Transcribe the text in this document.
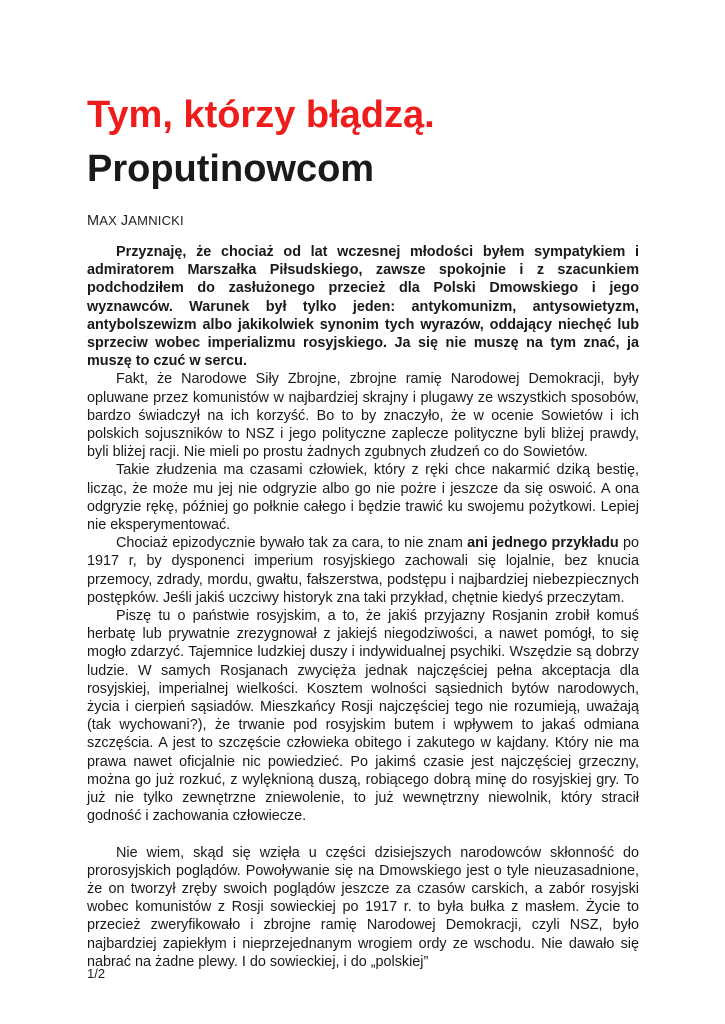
Tym, którzy błądzą.
Proputinowcom
MAX JAMNICKI

Przyznaję, że chociaż od lat wczesnej młodości byłem sympatykiem i admiratorem Marszałka Piłsudskiego, zawsze spokojnie i z szacunkiem podchodziłem do zasłużonego przecież dla Polski Dmowskiego i jego wyznawców. Warunek był tylko jeden: antykomunizm, antysowietyzm, antybolszewizm albo jakikolwiek synonim tych wyrazów, oddający niechęć lub sprzeciw wobec imperializmu rosyjskiego. Ja się nie muszę na tym znać, ja muszę to czuć w sercu.

Fakt, że Narodowe Siły Zbrojne, zbrojne ramię Narodowej Demokracji, były opluwane przez komunistów w najbardziej skrajny i plugawy ze wszystkich sposobów, bardzo świadczył na ich korzyść. Bo to by znaczyło, że w ocenie Sowietów i ich polskich sojuszników to NSZ i jego polityczne zaplecze polityczne byli bliżej prawdy, byli bliżej racji. Nie mieli po prostu żadnych zgubnych złudzeń co do Sowietów.

Takie złudzenia ma czasami człowiek, który z ręki chce nakarmić dziką bestię, licząc, że może mu jej nie odgryzie albo go nie pożre i jeszcze da się oswoić. A ona odgryzie rękę, później go połknie całego i będzie trawić ku swojemu pożytkowi. Lepiej nie eksperymentować.

Chociaż epizodycznie bywało tak za cara, to nie znam ani jednego przykładu po 1917 r, by dysponenci imperium rosyjskiego zachowali się lojalnie, bez knucia przemocy, zdrady, mordu, gwałtu, fałszerstwa, podstępu i najbardziej niebezpiecznych postępków. Jeśli jakiś uczciwy historyk zna taki przykład, chętnie kiedyś przeczytam.

Piszę tu o państwie rosyjskim, a to, że jakiś przyjazny Rosjanin zrobił komuś herbatę lub prywatnie zrezygnował z jakiejś niegodziwości, a nawet pomógł, to się mogło zdarzyć. Tajemnice ludzkiej duszy i indywidualnej psychiki. Wszędzie są dobrzy ludzie. W samych Rosjanach zwycięża jednak najczęściej pełna akceptacja dla rosyjskiej, imperialnej wielkości. Kosztem wolności sąsiednich bytów narodowych, życia i cierpień sąsiadów. Mieszkańcy Rosji najczęściej tego nie rozumieją, uważają (tak wychowani?), że trwanie pod rosyjskim butem i wpływem to jakaś odmiana szczęścia. A jest to szczęście człowieka obitego i zakutego w kajdany. Który nie ma prawa nawet oficjalnie nic powiedzieć. Po jakimś czasie jest najczęściej grzeczny, można go już rozkuć, z wylęknioną duszą, robiącego dobrą minę do rosyjskiej gry. To już nie tylko zewnętrzne zniewolenie, to już wewnętrzny niewolnik, który stracił godność i zachowania człowiecze.

Nie wiem, skąd się wzięła u części dzisiejszych narodowców skłonność do prorosyjskich poglądów. Powoływanie się na Dmowskiego jest o tyle nieuzasadnione, że on tworzył zręby swoich poglądów jeszcze za czasów carskich, a zabór rosyjski wobec komunistów z Rosji sowieckiej po 1917 r. to była bułka z masłem. Życie to przecież zweryfikowało i zbrojne ramię Narodowej Demokracji, czyli NSZ, było najbardziej zapiekłym i nieprzejednanym wrogiem ordy ze wschodu. Nie dawało się nabrać na żadne plewy. I do sowieckiej, i do „polskiej”

1/2
